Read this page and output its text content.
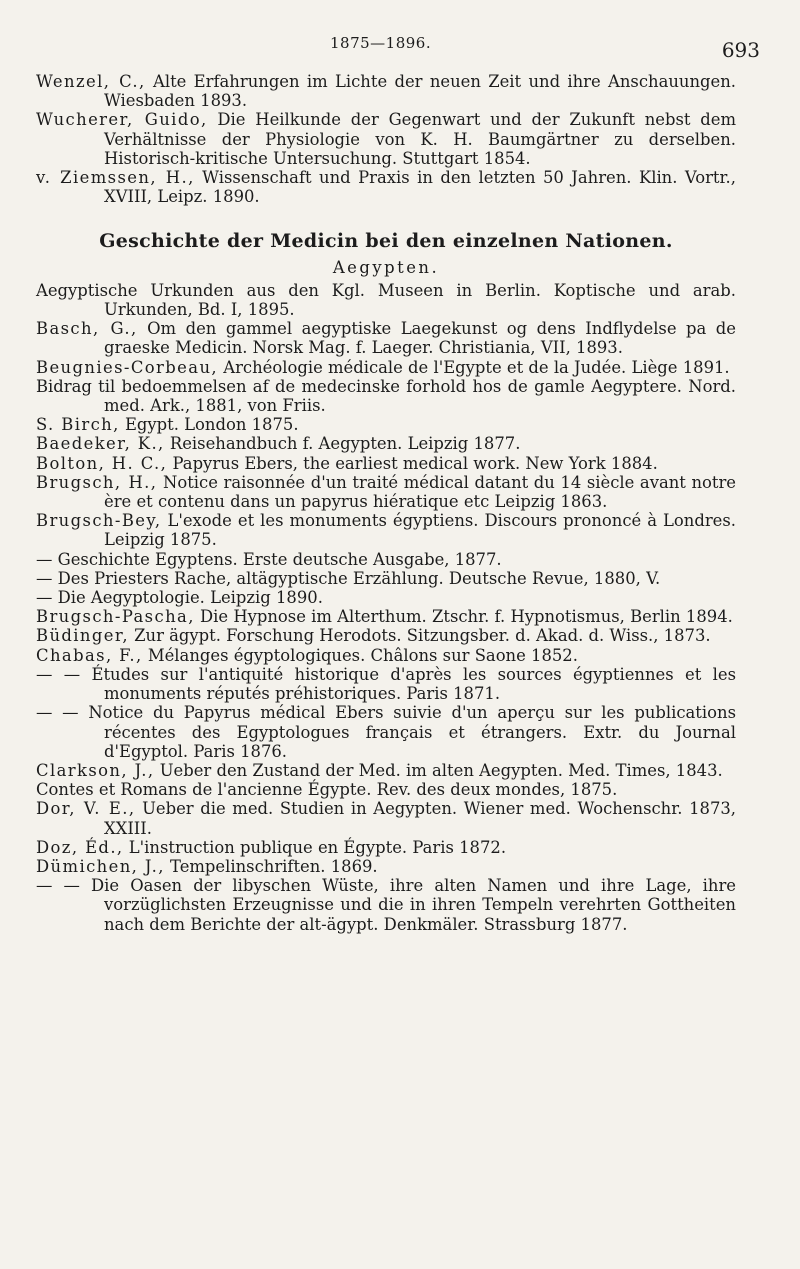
1875—1896.	693

Wenzel, C., Alte Erfahrungen im Lichte der neuen Zeit und ihre Anschauungen. Wiesbaden 1893.

Wucherer, Guido, Die Heilkunde der Gegenwart und der Zukunft nebst dem Verhältnisse der Physiologie von K. H. Baumgärtner zu derselben. Historisch-kritische Untersuchung. Stuttgart 1854.

v. Ziemssen, H., Wissenschaft und Praxis in den letzten 50 Jahren. Klin. Vortr., XVIII, Leipz. 1890.

Geschichte der Medicin bei den einzelnen Nationen.
Aegypten.

Aegyptische Urkunden aus den Kgl. Museen in Berlin. Koptische und arab. Urkunden, Bd. I, 1895.

Basch, G., Om den gammel aegyptiske Laegekunst og dens Indflydelse pa de graeske Medicin. Norsk Mag. f. Laeger. Christiania, VII, 1893.

Beugnies-Corbeau, Archéologie médicale de l'Egypte et de la Judée. Liège 1891.

Bidrag til bedoemmelsen af de medecinske forhold hos de gamle Aegyptere. Nord. med. Ark., 1881, von Friis.

S. Birch, Egypt. London 1875.

Baedeker, K., Reisehandbuch f. Aegypten. Leipzig 1877.

Bolton, H. C., Papyrus Ebers, the earliest medical work. New York 1884.

Brugsch, H., Notice raisonnée d'un traité médical datant du 14 siècle avant notre ère et contenu dans un papyrus hiératique etc Leipzig 1863.

Brugsch-Bey, L'exode et les monuments égyptiens. Discours prononcé à Londres. Leipzig 1875.

— Geschichte Egyptens. Erste deutsche Ausgabe, 1877.

— Des Priesters Rache, altägyptische Erzählung. Deutsche Revue, 1880, V.

— Die Aegyptologie. Leipzig 1890.

Brugsch-Pascha, Die Hypnose im Alterthum. Ztschr. f. Hypnotismus, Berlin 1894.

Büdinger, Zur ägypt. Forschung Herodots. Sitzungsber. d. Akad. d. Wiss., 1873.

Chabas, F., Mélanges égyptologiques. Châlons sur Saone 1852.

— — Études sur l'antiquité historique d'après les sources égyptiennes et les monuments réputés préhistoriques. Paris 1871.

— — Notice du Papyrus médical Ebers suivie d'un aperçu sur les publications récentes des Egyptologues français et étrangers. Extr. du Journal d'Egyptol. Paris 1876.

Clarkson, J., Ueber den Zustand der Med. im alten Aegypten. Med. Times, 1843.

Contes et Romans de l'ancienne Égypte. Rev. des deux mondes, 1875.

Dor, V. E., Ueber die med. Studien in Aegypten. Wiener med. Wochenschr. 1873, XXIII.

Doz, Éd., L'instruction publique en Égypte. Paris 1872.

Dümichen, J., Tempelinschriften. 1869.

— — Die Oasen der libyschen Wüste, ihre alten Namen und ihre Lage, ihre vorzüglichsten Erzeugnisse und die in ihren Tempeln verehrten Gottheiten nach dem Berichte der alt-ägypt. Denkmäler. Strassburg 1877.
